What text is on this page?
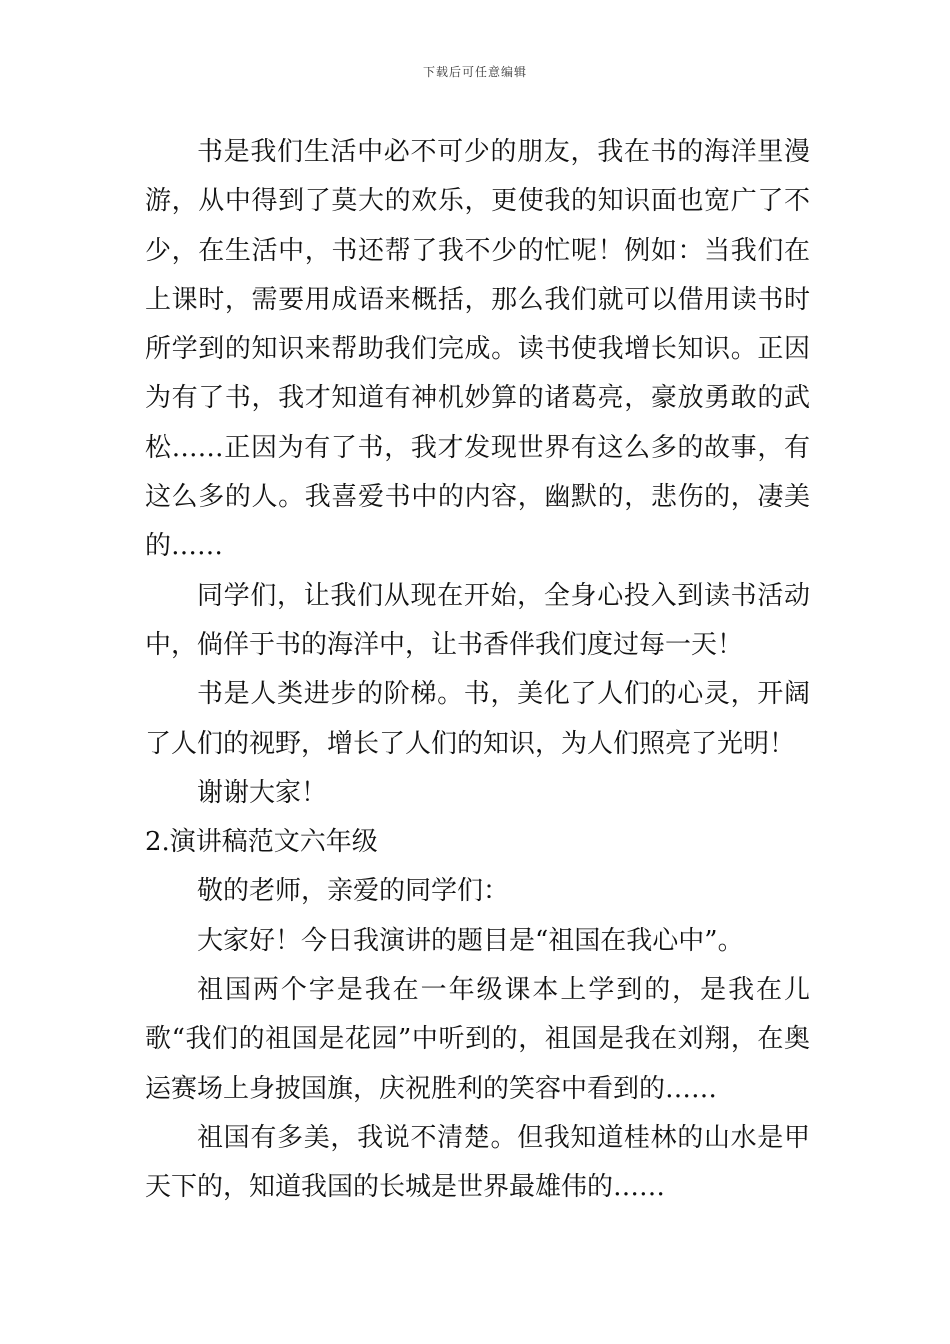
下载后可任意编辑

书是我们生活中必不可少的朋友，我在书的海洋里漫游，从中得到了莫大的欢乐，更使我的知识面也宽广了不少，在生活中，书还帮了我不少的忙呢！例如：当我们在上课时，需要用成语来概括，那么我们就可以借用读书时所学到的知识来帮助我们完成。读书使我增长知识。正因为有了书，我才知道有神机妙算的诸葛亮，豪放勇敢的武松……正因为有了书，我才发现世界有这么多的故事，有这么多的人。我喜爱书中的内容，幽默的，悲伤的，凄美的……

同学们，让我们从现在开始，全身心投入到读书活动中，倘佯于书的海洋中，让书香伴我们度过每一天！

书是人类进步的阶梯。书，美化了人们的心灵，开阔了人们的视野，增长了人们的知识，为人们照亮了光明！

谢谢大家！

2.演讲稿范文六年级

敬的老师，亲爱的同学们：

大家好！今日我演讲的题目是“祖国在我心中”。

祖国两个字是我在一年级课本上学到的，是我在儿歌“我们的祖国是花园”中听到的，祖国是我在刘翔，在奥运赛场上身披国旗，庆祝胜利的笑容中看到的……

祖国有多美，我说不清楚。但我知道桂林的山水是甲天下的，知道我国的长城是世界最雄伟的……
